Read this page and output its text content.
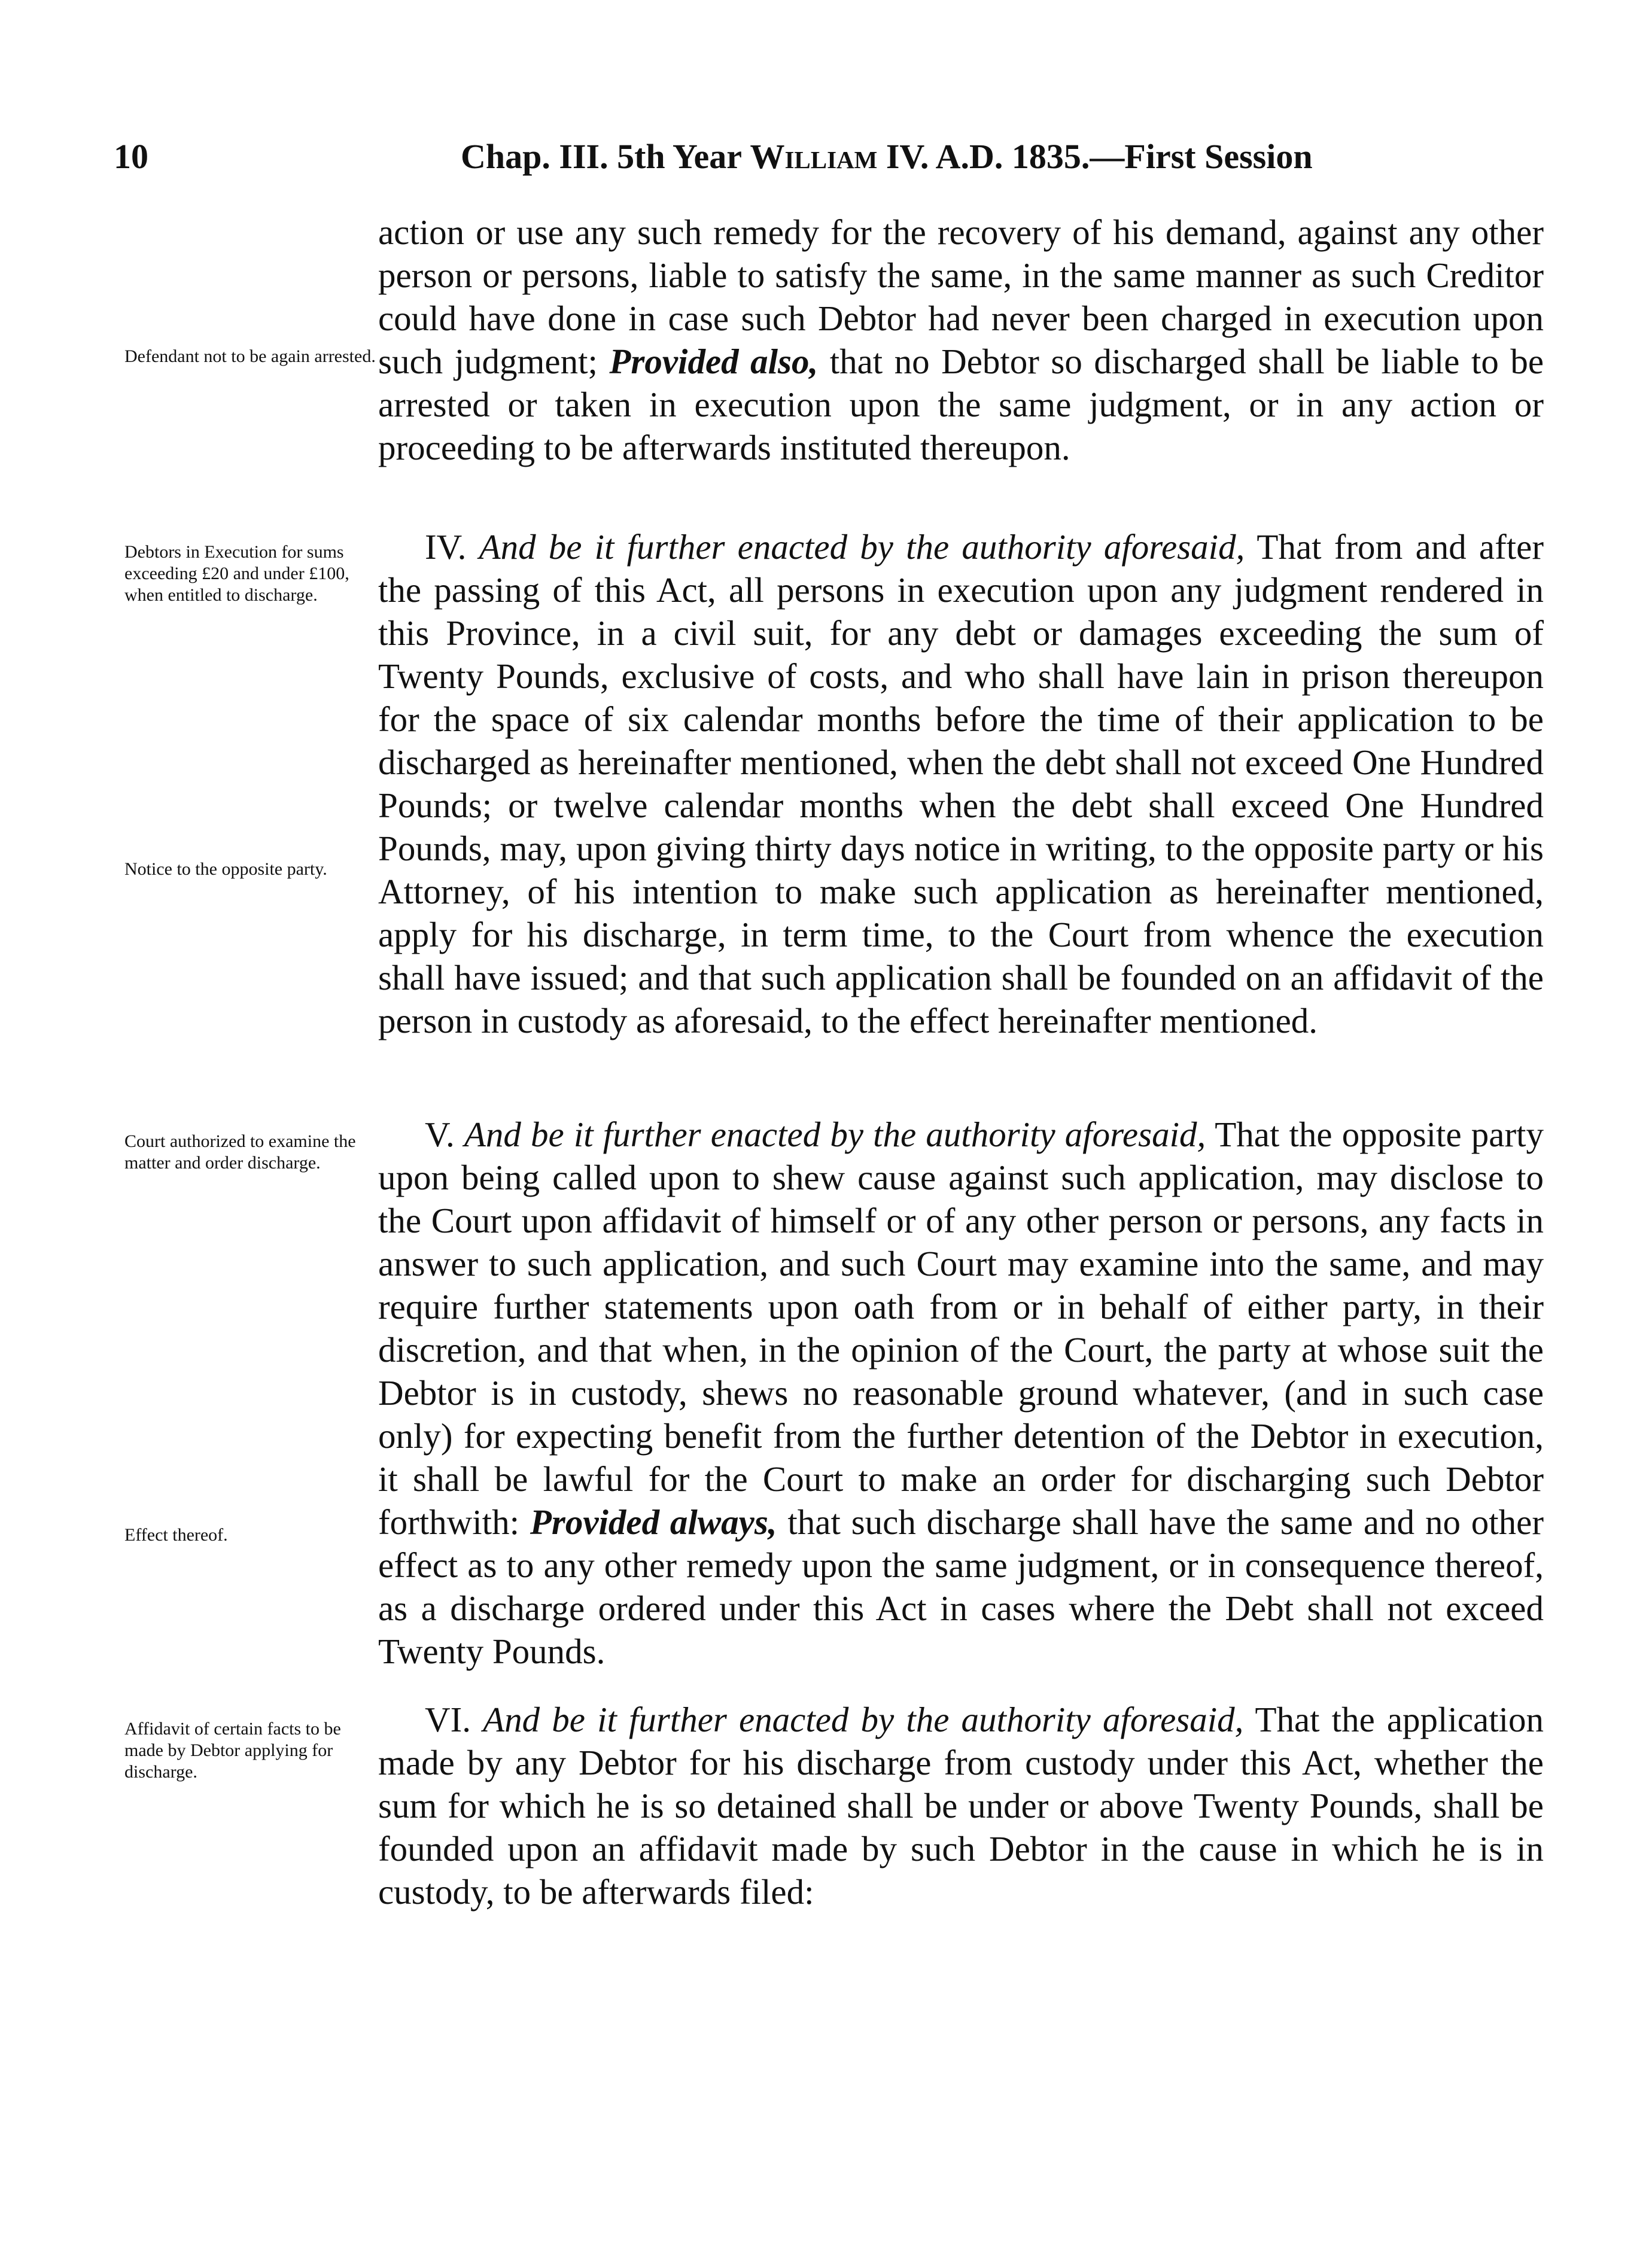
10	Chap. III. 5th Year William IV. A.D. 1835.—First Session
Defendant not to be again arrested.
Debtors in Execution for sums exceeding £20 and under £100, when entitled to discharge.
Notice to the opposite party.
Court authorized to examine the matter and order discharge.
Effect thereof.
Affidavit of certain facts to be made by Debtor applying for discharge.
action or use any such remedy for the recovery of his demand, against any other person or persons, liable to satisfy the same, in the same manner as such Creditor could have done in case such Debtor had never been charged in execution upon such judgment; Provided also, that no Debtor so discharged shall be liable to be arrested or taken in execution upon the same judgment, or in any action or proceeding to be afterwards instituted thereupon.
IV. And be it further enacted by the authority aforesaid, That from and after the passing of this Act, all persons in execution upon any judgment rendered in this Province, in a civil suit, for any debt or damages exceeding the sum of Twenty Pounds, exclusive of costs, and who shall have lain in prison thereupon for the space of six calendar months before the time of their application to be discharged as hereinafter mentioned, when the debt shall not exceed One Hundred Pounds; or twelve calendar months when the debt shall exceed One Hundred Pounds, may, upon giving thirty days notice in writing, to the opposite party or his Attorney, of his intention to make such application as hereinafter mentioned, apply for his discharge, in term time, to the Court from whence the execution shall have issued; and that such application shall be founded on an affidavit of the person in custody as aforesaid, to the effect hereinafter mentioned.
V. And be it further enacted by the authority aforesaid, That the opposite party upon being called upon to shew cause against such application, may disclose to the Court upon affidavit of himself or of any other person or persons, any facts in answer to such application, and such Court may examine into the same, and may require further statements upon oath from or in behalf of either party, in their discretion, and that when, in the opinion of the Court, the party at whose suit the Debtor is in custody, shews no reasonable ground whatever, (and in such case only) for expecting benefit from the further detention of the Debtor in execution, it shall be lawful for the Court to make an order for discharging such Debtor forthwith: Provided always, that such discharge shall have the same and no other effect as to any other remedy upon the same judgment, or in consequence thereof, as a discharge ordered under this Act in cases where the Debt shall not exceed Twenty Pounds.
VI. And be it further enacted by the authority aforesaid, That the application made by any Debtor for his discharge from custody under this Act, whether the sum for which he is so detained shall be under or above Twenty Pounds, shall be founded upon an affidavit made by such Debtor in the cause in which he is in custody, to be afterwards filed:
